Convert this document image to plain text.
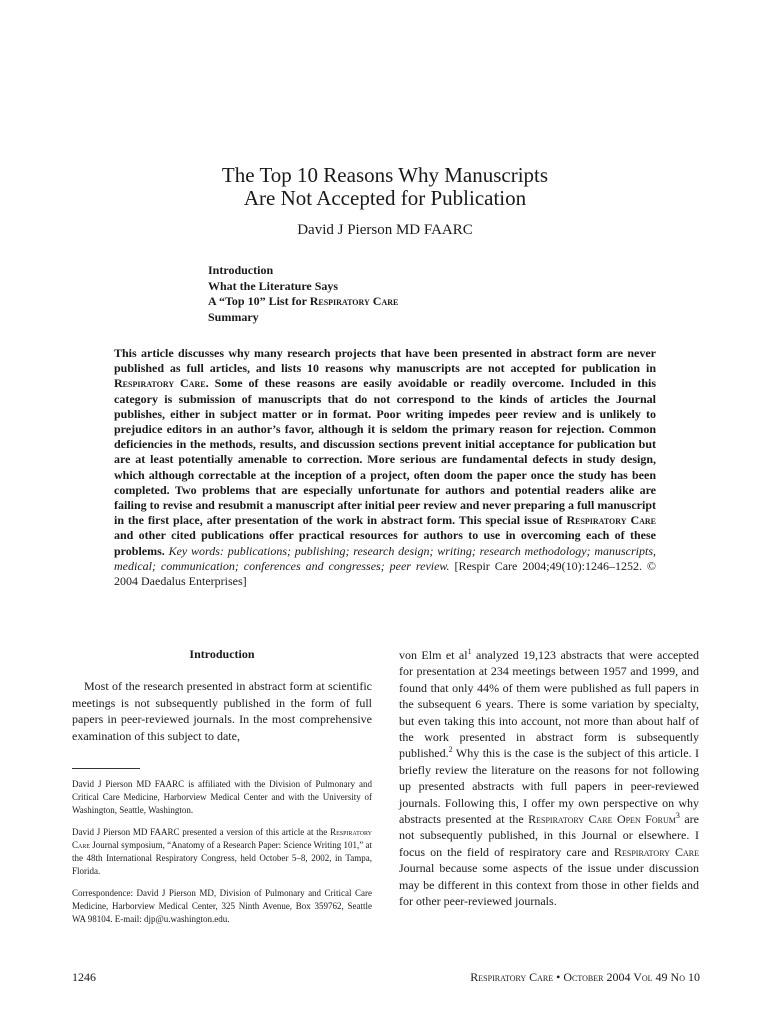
The Top 10 Reasons Why Manuscripts
Are Not Accepted for Publication
David J Pierson MD FAARC
Introduction
What the Literature Says
A “Top 10” List for Respiratory Care
Summary
This article discusses why many research projects that have been presented in abstract form are never published as full articles, and lists 10 reasons why manuscripts are not accepted for publication in Respiratory Care. Some of these reasons are easily avoidable or readily overcome. Included in this category is submission of manuscripts that do not correspond to the kinds of articles the Journal publishes, either in subject matter or in format. Poor writing impedes peer review and is unlikely to prejudice editors in an author’s favor, although it is seldom the primary reason for rejection. Common deficiencies in the methods, results, and discussion sections prevent initial acceptance for publication but are at least potentially amenable to correction. More serious are fundamental defects in study design, which although correctable at the inception of a project, often doom the paper once the study has been completed. Two problems that are especially unfortunate for authors and potential readers alike are failing to revise and resubmit a manuscript after initial peer review and never preparing a full manuscript in the first place, after presentation of the work in abstract form. This special issue of Respiratory Care and other cited publications offer practical resources for authors to use in overcoming each of these problems. Key words: publications; publishing; research design; writing; research methodology; manuscripts, medical; communication; conferences and congresses; peer review. [Respir Care 2004;49(10):1246–1252. © 2004 Daedalus Enterprises]
Introduction

Most of the research presented in abstract form at scientific meetings is not subsequently published in the form of full papers in peer-reviewed journals. In the most comprehensive examination of this subject to date,

David J Pierson MD FAARC is affiliated with the Division of Pulmonary and Critical Care Medicine, Harborview Medical Center and with the University of Washington, Seattle, Washington.

David J Pierson MD FAARC presented a version of this article at the Respiratory Care Journal symposium, “Anatomy of a Research Paper: Science Writing 101,” at the 48th International Respiratory Congress, held October 5–8, 2002, in Tampa, Florida.

Correspondence: David J Pierson MD, Division of Pulmonary and Critical Care Medicine, Harborview Medical Center, 325 Ninth Avenue, Box 359762, Seattle WA 98104. E-mail: djp@u.washington.edu.

von Elm et $al^1$ analyzed 19,123 abstracts that were accepted for presentation at 234 meetings between 1957 and 1999, and found that only 44% of them were published as full papers in the subsequent 6 years. There is some variation by specialty, but even taking this into account, not more than about half of the work presented in abstract form is subsequently published.$^2$ Why this is the case is the subject of this article. I briefly review the literature on the reasons for not following up presented abstracts with full papers in peer-reviewed journals. Following this, I offer my own perspective on why abstracts presented at the Respiratory Care Open Forum$^3$ are not subsequently published, in this Journal or elsewhere. I focus on the field of respiratory care and Respiratory Care Journal because some aspects of the issue under discussion may be different in this context from those in other fields and for other peer-reviewed journals.

1246	Respiratory Care • October 2004 Vol 49 No 10
